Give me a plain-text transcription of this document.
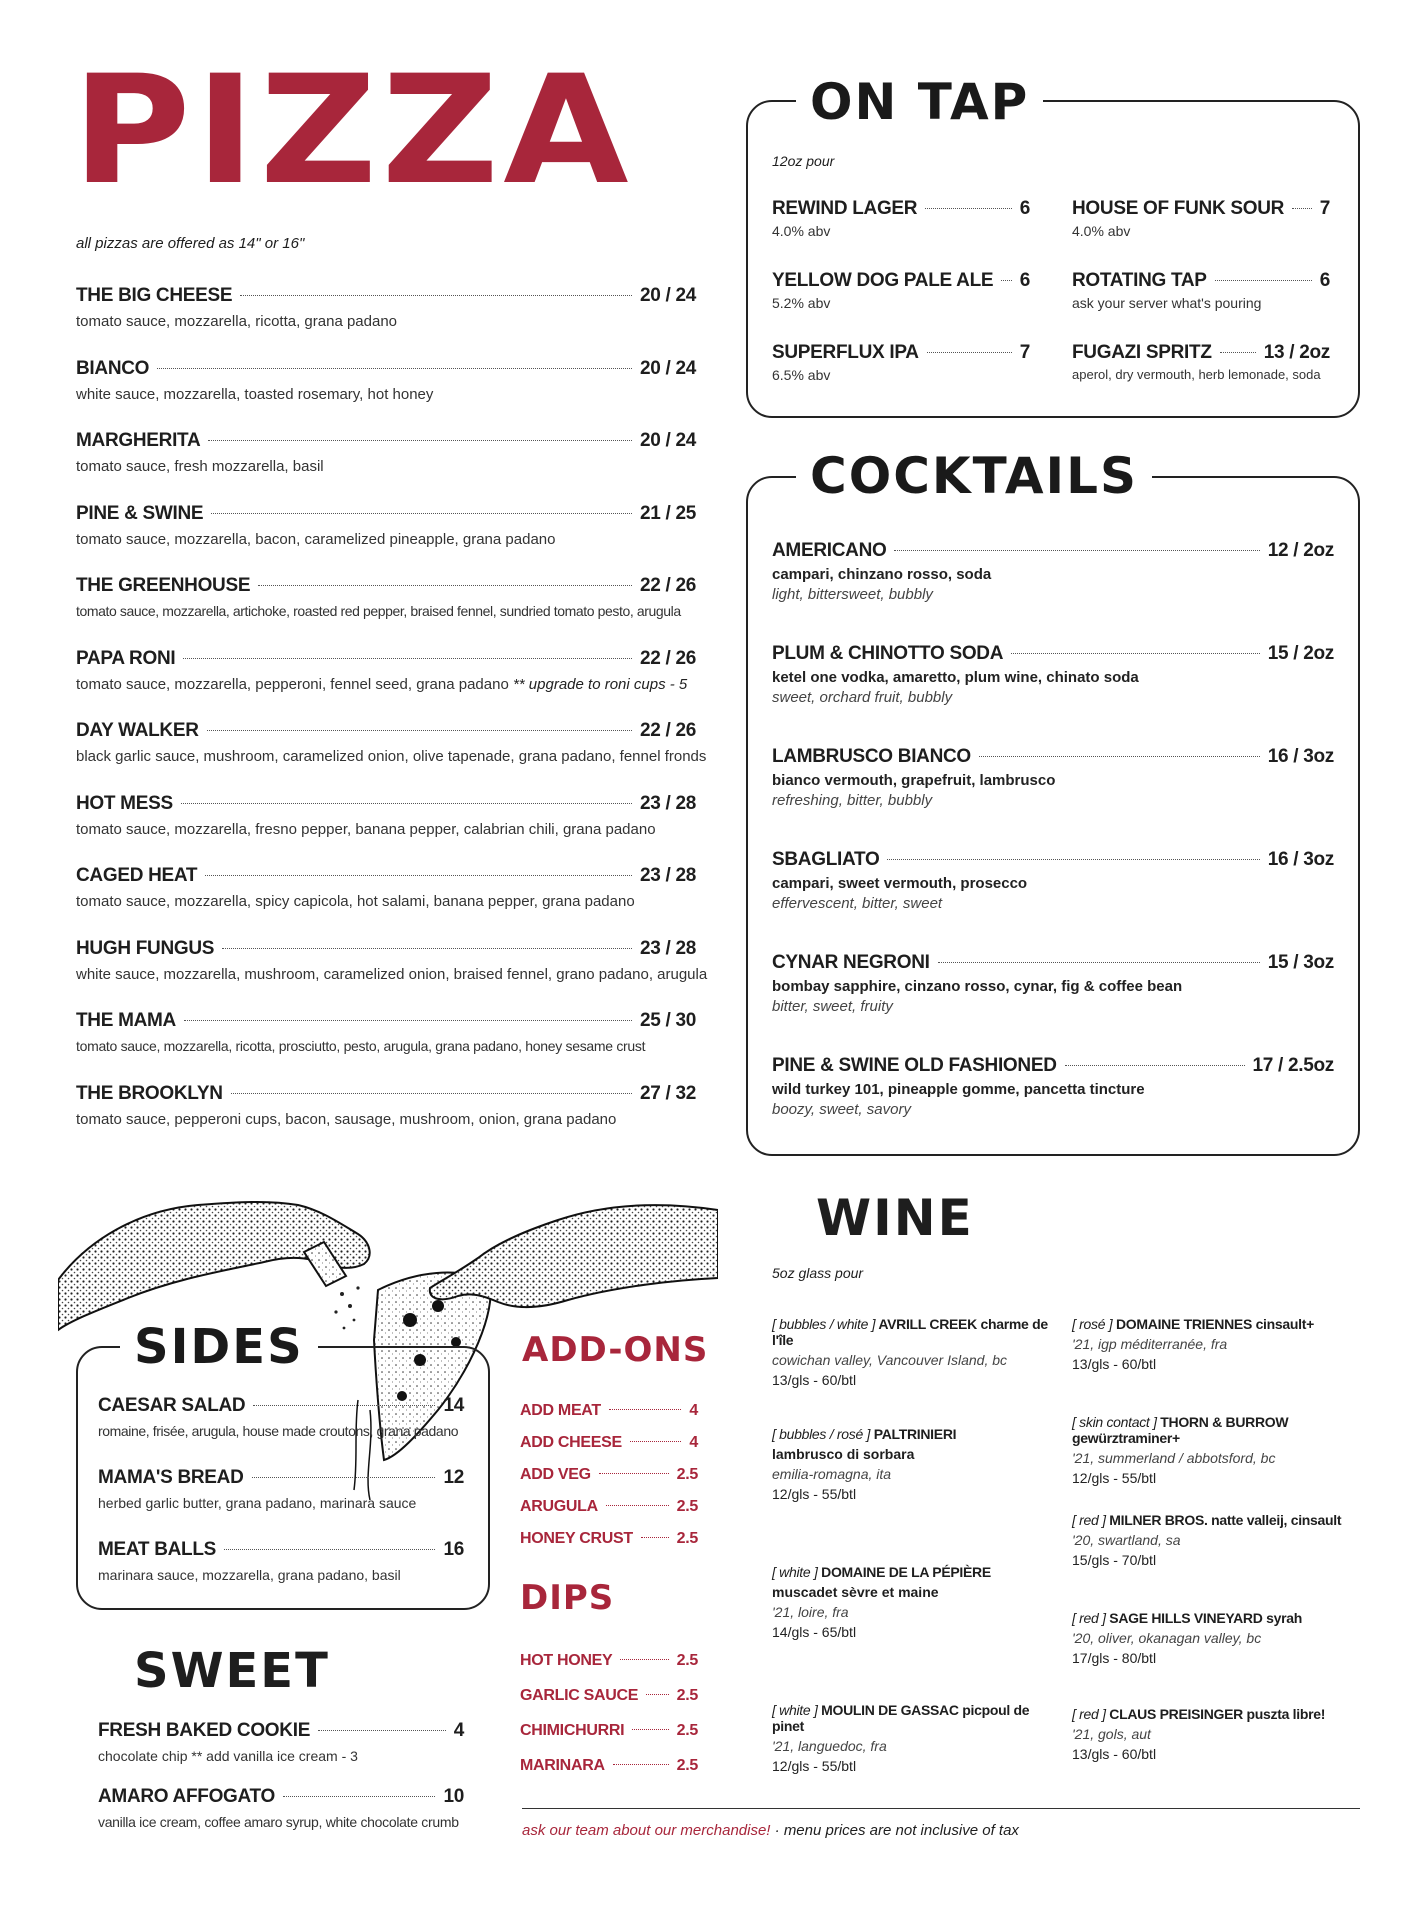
PIZZA
all pizzas are offered as 14" or 16"
THE BIG CHEESE	20 / 24
tomato sauce, mozzarella, ricotta, grana padano
BIANCO	20 / 24
white sauce, mozzarella, toasted rosemary, hot honey
MARGHERITA	20 / 24
tomato sauce, fresh mozzarella, basil
PINE & SWINE	21 / 25
tomato sauce, mozzarella, bacon, caramelized pineapple, grana padano
THE GREENHOUSE	22 / 26
tomato sauce, mozzarella, artichoke, roasted red pepper, braised fennel, sundried tomato pesto, arugula
PAPA RONI	22 / 26
tomato sauce, mozzarella, pepperoni, fennel seed, grana padano ** upgrade to roni cups - 5
DAY WALKER	22 / 26
black garlic sauce, mushroom, caramelized onion, olive tapenade, grana padano, fennel fronds
HOT MESS	23 / 28
tomato sauce, mozzarella, fresno pepper, banana pepper, calabrian chili, grana padano
CAGED HEAT	23 / 28
tomato sauce, mozzarella, spicy capicola, hot salami, banana pepper, grana padano
HUGH FUNGUS	23 / 28
white sauce, mozzarella, mushroom, caramelized onion, braised fennel, grano padano, arugula
THE MAMA	25 / 30
tomato sauce, mozzarella, ricotta, prosciutto, pesto, arugula, grana padano, honey sesame crust
THE BROOKLYN	27 / 32
tomato sauce, pepperoni cups, bacon, sausage, mushroom, onion, grana padano
ON TAP
12oz pour
REWIND LAGER	6
4.0% abv
HOUSE OF FUNK SOUR 7
4.0% abv
YELLOW DOG PALE ALE 6
5.2% abv
ROTATING TAP	6
ask your server what's pouring
SUPERFLUX IPA	7
6.5% abv
FUGAZI SPRITZ	13 / 2oz
aperol, dry vermouth, herb lemonade, soda
COCKTAILS
AMERICANO	12 / 2oz
campari, chinzano rosso, soda
light, bittersweet, bubbly
PLUM & CHINOTTO SODA	15 / 2oz
ketel one vodka, amaretto, plum wine, chinato soda
sweet, orchard fruit, bubbly
LAMBRUSCO BIANCO	16 / 3oz
bianco vermouth, grapefruit, lambrusco
refreshing, bitter, bubbly
SBAGLIATO	16 / 3oz
campari, sweet vermouth, prosecco
effervescent, bitter, sweet
CYNAR NEGRONI	15 / 3oz
bombay sapphire, cinzano rosso, cynar, fig & coffee bean
bitter, sweet, fruity
PINE & SWINE OLD FASHIONED	17 / 2.5oz
wild turkey 101, pineapple gomme, pancetta tincture
boozy, sweet, savory
WINE
5oz glass pour
[ bubbles / white ] AVRILL CREEK charme de l'île
cowichan valley, Vancouver Island, bc
13/gls - 60/btl
[ bubbles / rosé ] PALTRINIERI
lambrusco di sorbara
emilia-romagna, ita
12/gls - 55/btl
[ white ] DOMAINE DE LA PÉPIÈRE
muscadet sèvre et maine
'21, loire, fra
14/gls - 65/btl
[ white ] MOULIN DE GASSAC picpoul de pinet
'21, languedoc, fra
12/gls - 55/btl
[ rosé ] DOMAINE TRIENNES cinsault+
'21, igp méditerranée, fra
13/gls - 60/btl
[ skin contact ] THORN & BURROW gewürztraminer+
'21, summerland / abbotsford, bc
12/gls - 55/btl
[ red ] MILNER BROS. natte valleij, cinsault
'20, swartland, sa
15/gls - 70/btl
[ red ] SAGE HILLS VINEYARD syrah
'20, oliver, okanagan valley, bc
17/gls - 80/btl
[ red ] CLAUS PREISINGER puszta libre!
'21, gols, aut
13/gls - 60/btl
SIDES
CAESAR SALAD	14
romaine, frisée, arugula, house made croutons, grana padano
MAMA'S BREAD	12
herbed garlic butter, grana padano, marinara sauce
MEAT BALLS	16
marinara sauce, mozzarella, grana padano, basil
SWEET
FRESH BAKED COOKIE	4
chocolate chip ** add vanilla ice cream - 3
AMARO AFFOGATO	10
vanilla ice cream, coffee amaro syrup, white chocolate crumb
ADD-ONS
ADD MEAT	4
ADD CHEESE	4
ADD VEG	2.5
ARUGULA	2.5
HONEY CRUST	2.5
DIPS
HOT HONEY	2.5
GARLIC SAUCE 2.5
CHIMICHURRI	2.5
MARINARA	2.5
ask our team about our merchandise! · menu prices are not inclusive of tax
